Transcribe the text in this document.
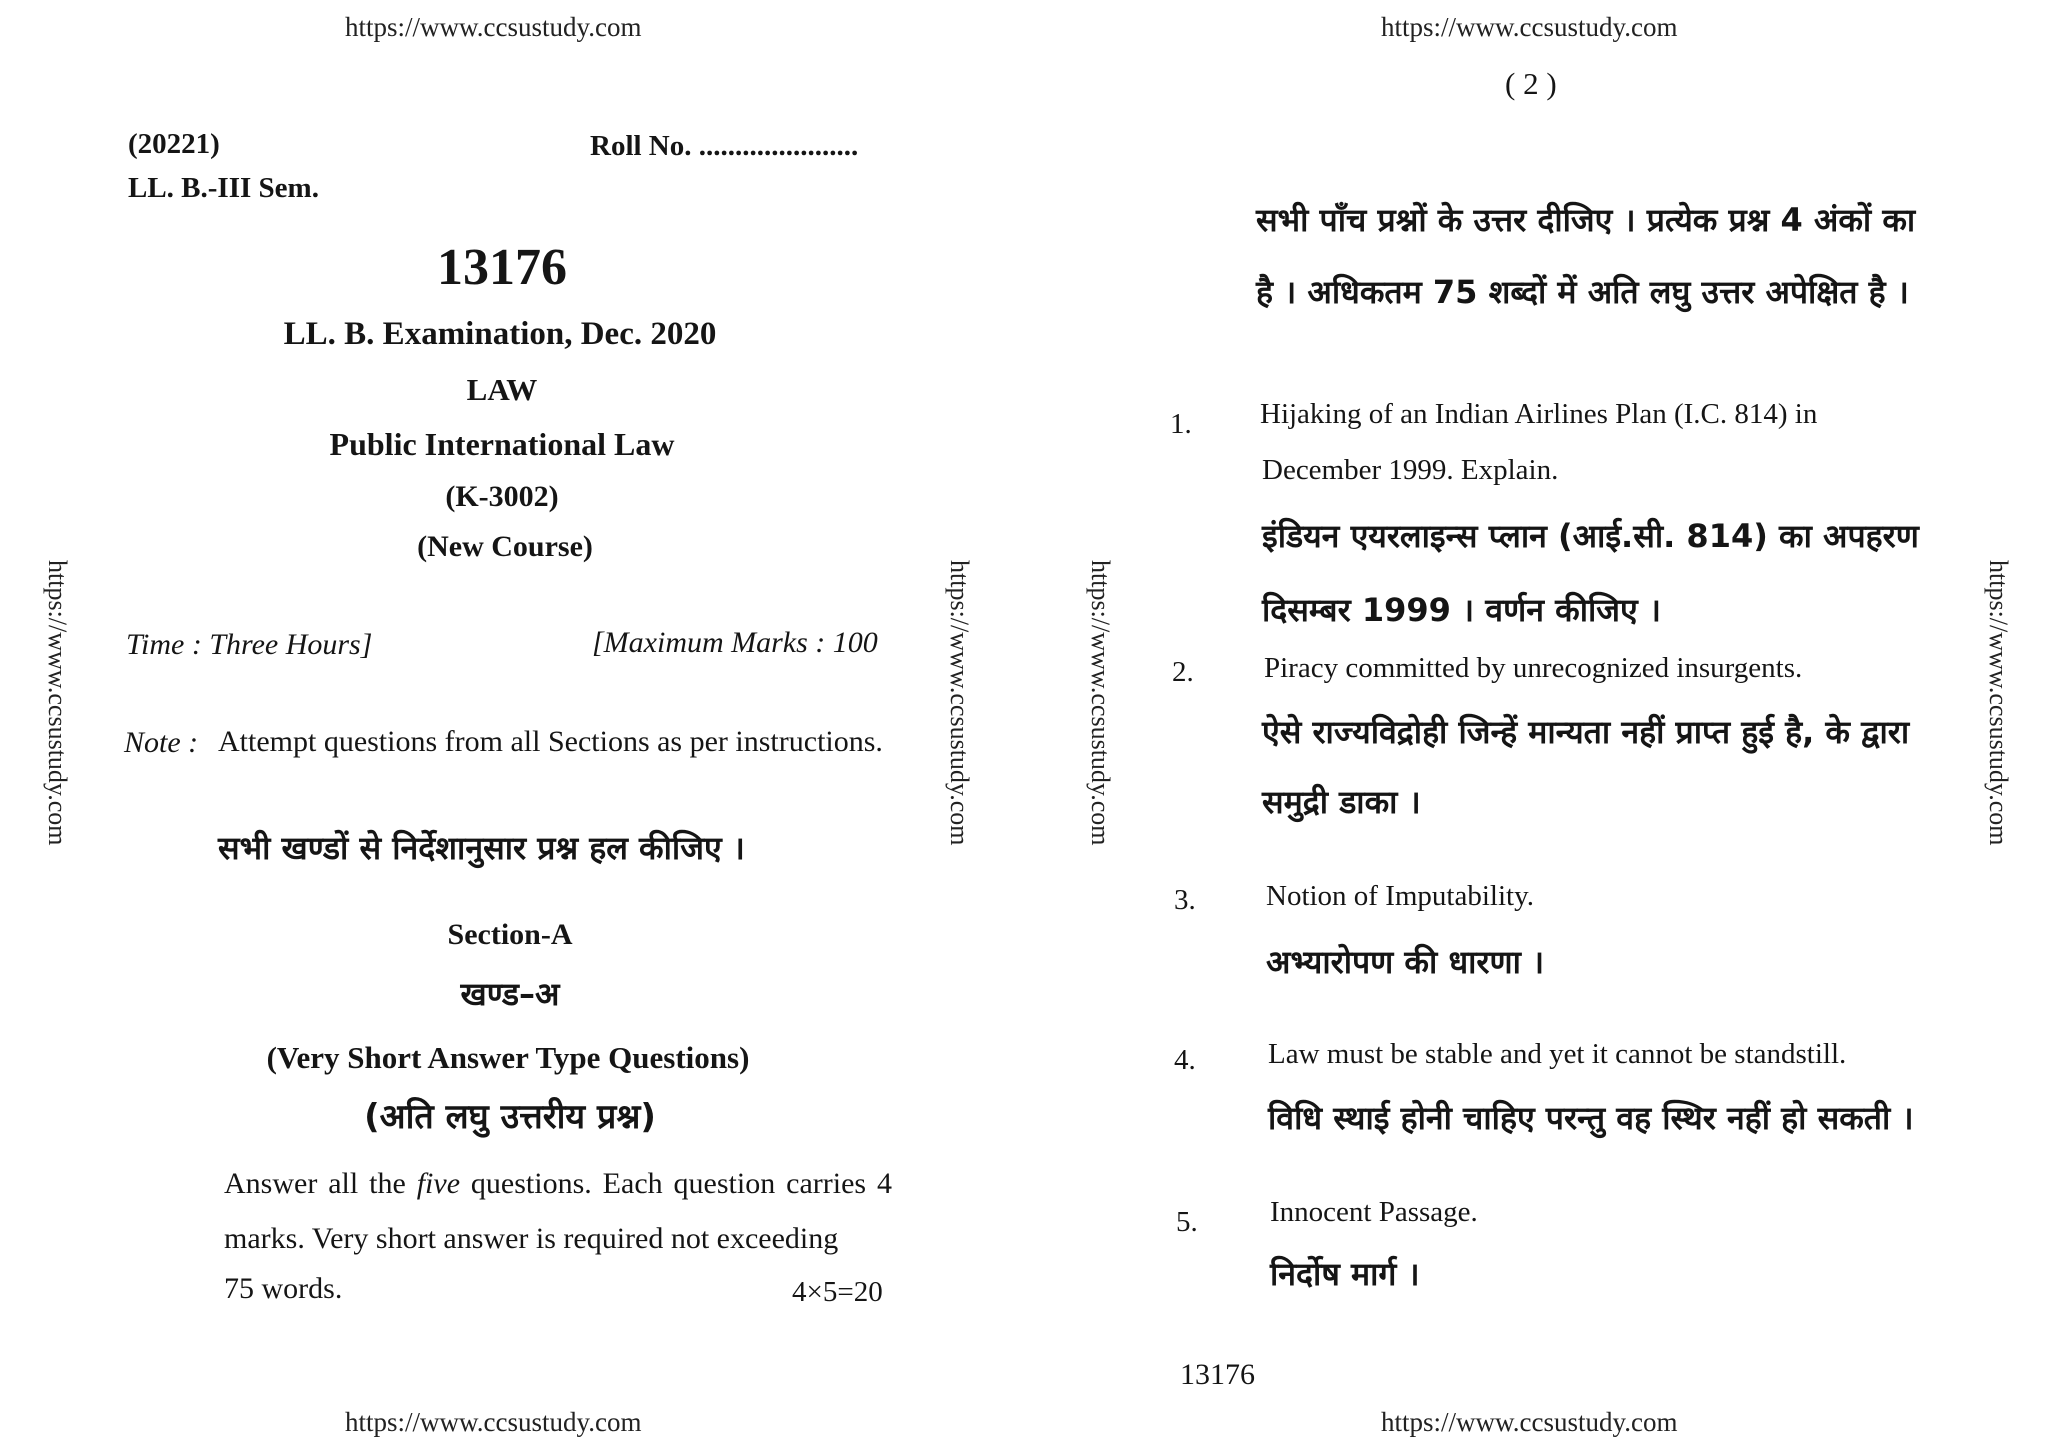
https://www.ccsustudy.com	https://www.ccsustudy.com
https://www.ccsustudy.com	https://www.ccsustudy.com
https://www.ccsustudy.com	https://www.ccsustudy.com	https://www.ccsustudy.com	https://www.ccsustudy.com
(20221)	Roll No. ......................
LL. B.-III Sem.
13176
LL. B. Examination, Dec. 2020
LAW
Public International Law
(K-3002)
(New Course)
Time : Three Hours]	[Maximum Marks : 100
Note : Attempt questions from all Sections as per instructions.
सभी खण्डों से निर्देशानुसार प्रश्न हल कीजिए ।
Section-A
खण्ड–अ
(Very Short Answer Type Questions)
(अति लघु उत्तरीय प्रश्न)
Answer all the five questions. Each question carries 4 marks. Very short answer is required not exceeding
75 words.	4×5=20
( 2 )
सभी पाँच प्रश्नों के उत्तर दीजिए । प्रत्येक प्रश्न 4 अंकों का
है । अधिकतम 75 शब्दों में अति लघु उत्तर अपेक्षित है ।
1. Hijaking of an Indian Airlines Plan (I.C. 814) in
December 1999. Explain.
इंडियन एयरलाइन्स प्लान (आई.सी. 814) का अपहरण
दिसम्बर 1999 । वर्णन कीजिए ।
2. Piracy committed by unrecognized insurgents.
ऐसे राज्यविद्रोही जिन्हें मान्यता नहीं प्राप्त हुई है, के द्वारा
समुद्री डाका ।
3. Notion of Imputability.
अभ्यारोपण की धारणा ।
4. Law must be stable and yet it cannot be standstill.
विधि स्थाई होनी चाहिए परन्तु वह स्थिर नहीं हो सकती ।
5. Innocent Passage.
निर्दोष मार्ग ।
13176
